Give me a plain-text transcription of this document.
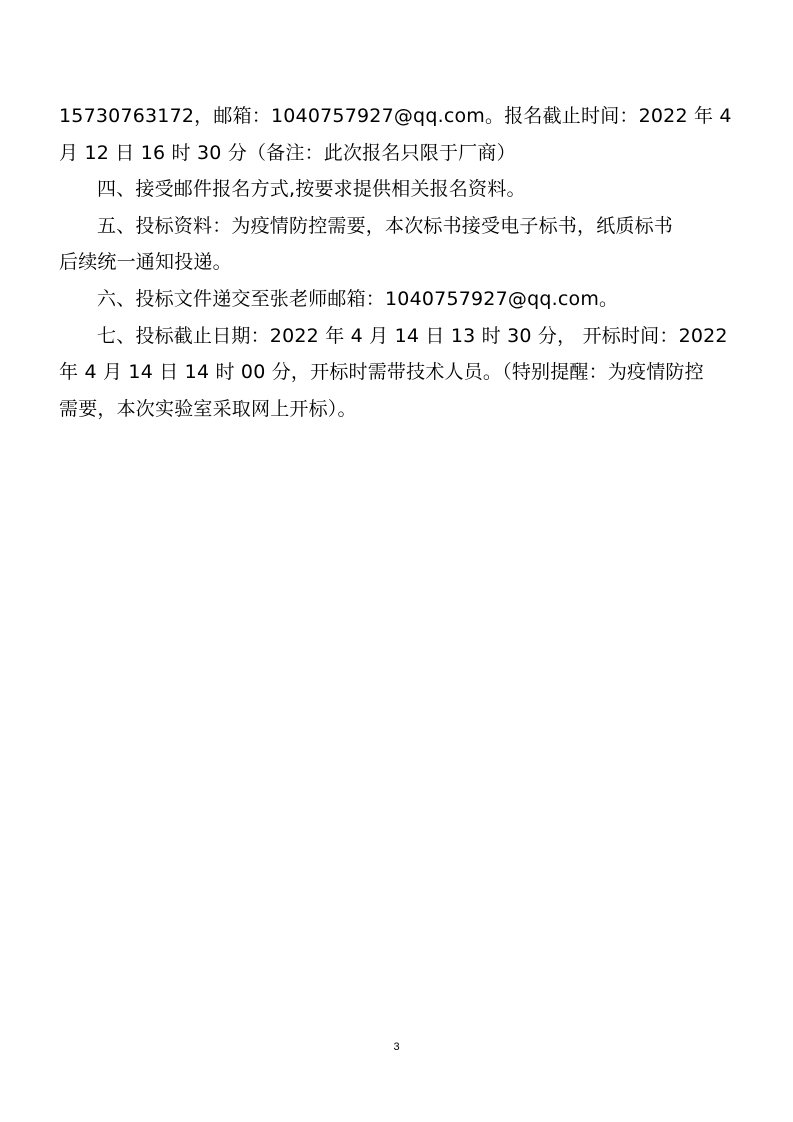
15730763172，邮箱：1040757927@qq.com。报名截止时间：2022 年 4
月 12 日 16 时 30 分（备注：此次报名只限于厂商）
四、接受邮件报名方式,按要求提供相关报名资料。
五、投标资料：为疫情防控需要，本次标书接受电子标书，纸质标书
后续统一通知投递。
六、投标文件递交至张老师邮箱：1040757927@qq.com。
七、投标截止日期：2022 年 4 月 14 日 13 时 30 分， 开标时间：2022
年 4 月 14 日 14 时 00 分，开标时需带技术人员。（特别提醒：为疫情防控
需要，本次实验室采取网上开标）。
3
